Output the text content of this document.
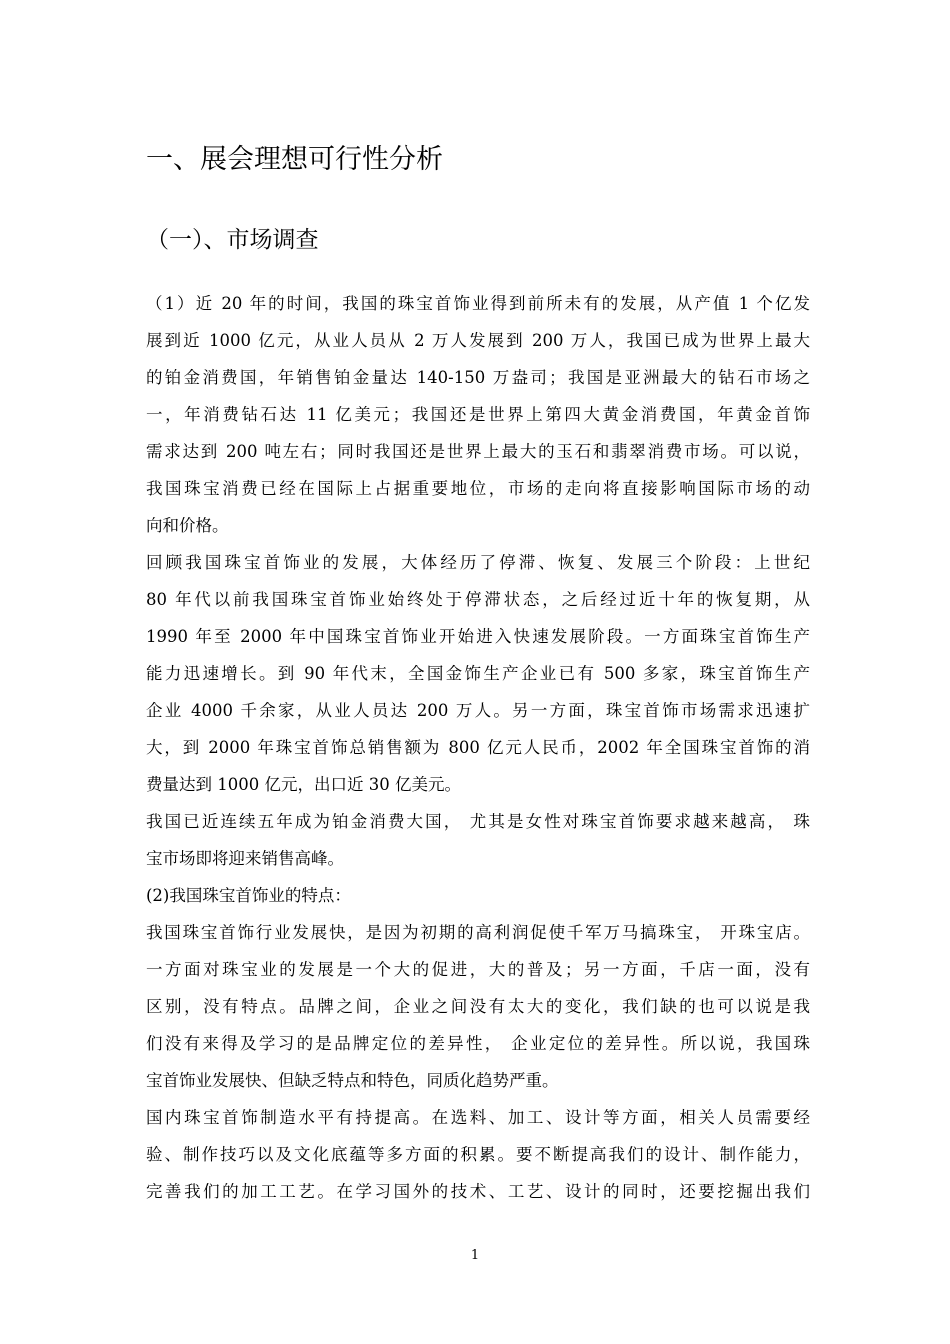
一、展会理想可行性分析
（一）、市场调查
（1）近 20 年的时间，我国的珠宝首饰业得到前所未有的发展，从产值 1 个亿发
展到近 1000 亿元，从业人员从 2 万人发展到 200 万人，我国已成为世界上最大
的铂金消费国，年销售铂金量达 140-150 万盎司；我国是亚洲最大的钻石市场之
一，年消费钻石达 11 亿美元；我国还是世界上第四大黄金消费国，年黄金首饰
需求达到 200 吨左右；同时我国还是世界上最大的玉石和翡翠消费市场。可以说，
我国珠宝消费已经在国际上占据重要地位，市场的走向将直接影响国际市场的动
向和价格。
回顾我国珠宝首饰业的发展，大体经历了停滞、恢复、发展三个阶段：上世纪
80 年代以前我国珠宝首饰业始终处于停滞状态，之后经过近十年的恢复期，从
1990 年至 2000 年中国珠宝首饰业开始进入快速发展阶段。一方面珠宝首饰生产
能力迅速增长。到 90 年代末，全国金饰生产企业已有 500 多家，珠宝首饰生产
企业 4000 千余家，从业人员达 200 万人。另一方面，珠宝首饰市场需求迅速扩
大，到 2000 年珠宝首饰总销售额为 800 亿元人民币，2002 年全国珠宝首饰的消
费量达到 1000 亿元，出口近 30 亿美元。
我国已近连续五年成为铂金消费大国， 尤其是女性对珠宝首饰要求越来越高， 珠
宝市场即将迎来销售高峰。
(2)我国珠宝首饰业的特点：
我国珠宝首饰行业发展快，是因为初期的高利润促使千军万马搞珠宝， 开珠宝店。
一方面对珠宝业的发展是一个大的促进，大的普及；另一方面，千店一面，没有
区别，没有特点。品牌之间，企业之间没有太大的变化，我们缺的也可以说是我
们没有来得及学习的是品牌定位的差异性， 企业定位的差异性。所以说，我国珠
宝首饰业发展快、但缺乏特点和特色，同质化趋势严重。
国内珠宝首饰制造水平有持提高。在选料、加工、设计等方面，相关人员需要经
验、制作技巧以及文化底蕴等多方面的积累。要不断提高我们的设计、制作能力，
完善我们的加工工艺。在学习国外的技术、工艺、设计的同时，还要挖掘出我们
1
